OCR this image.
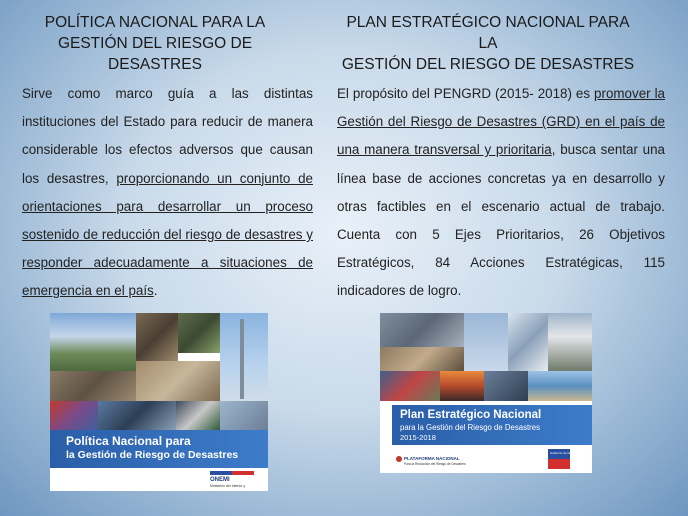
POLÍTICA NACIONAL PARA LA
GESTIÓN DEL RIESGO DE DESASTRES
Sirve como marco guía a las distintas instituciones del Estado para reducir de manera considerable los efectos adversos que causan los desastres, proporcionando un conjunto de orientaciones para desarrollar un proceso sostenido de reducción del riesgo de desastres y responder adecuadamente a situaciones de emergencia en el país.
Política Nacional para
la Gestión de Riesgo de Desastres
ONEMI
Ministerio del Interior y
PLAN ESTRATÉGICO NACIONAL PARA LA
GESTIÓN DEL RIESGO DE DESASTRES
El propósito del PENGRD (2015- 2018) es promover la Gestión del Riesgo de Desastres (GRD) en el país de una manera transversal y prioritaria, busca sentar una línea base de acciones concretas ya en desarrollo y otras factibles en el escenario actual de trabajo. Cuenta con 5 Ejes Prioritarios, 26 Objetivos Estratégicos, 84 Acciones Estratégicas, 115 indicadores de logro.
Plan Estratégico Nacional
para la Gestión del Riesgo de Desastres
2015-2018
PLATAFORMA NACIONAL
Para la Reducción del Riesgo de Desastres
Gobierno de Chile
